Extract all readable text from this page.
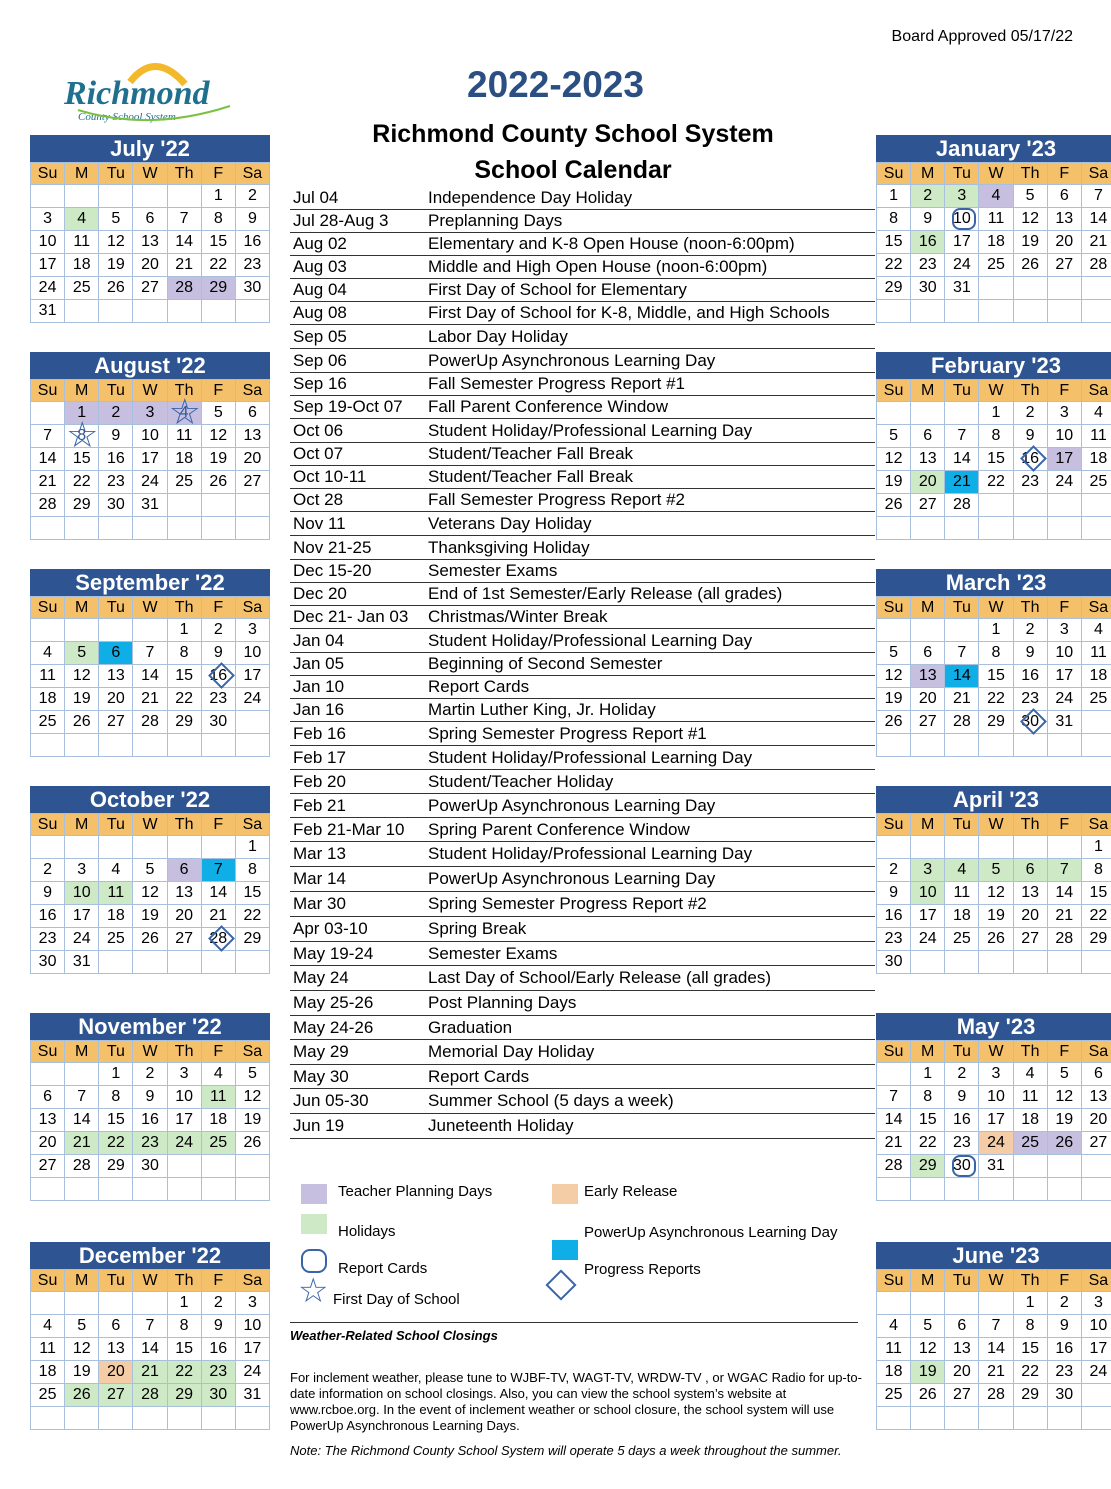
Board Approved 05/17/22
Richmond
County School System
2022-2023
Richmond County School System
School Calendar
July '22
Su	M	Tu	W	Th	F	Sa
					1	2
3	4	5	6	7	8	9
10	11	12	13	14	15	16
17	18	19	20	21	22	23
24	25	26	27	28	29	30
31						
August '22
Su	M	Tu	W	Th	F	Sa
	1	2	3	4 ☆	5	6
7	8 ☆	9	10	11	12	13
14	15	16	17	18	19	20
21	22	23	24	25	26	27
28	29	30	31			

September '22
Su	M	Tu	W	Th	F	Sa
				1	2	3
4	5	6	7	8	9	10
11	12	13	14	15	16	17
18	19	20	21	22	23	24
25	26	27	28	29	30	

October '22
Su	M	Tu	W	Th	F	Sa
						1
2	3	4	5	6	7	8
9	10	11	12	13	14	15
16	17	18	19	20	21	22
23	24	25	26	27	28	29
30	31					
November '22
Su	M	Tu	W	Th	F	Sa
		1	2	3	4	5
6	7	8	9	10	11	12
13	14	15	16	17	18	19
20	21	22	23	24	25	26
27	28	29	30			

December '22
Su	M	Tu	W	Th	F	Sa
				1	2	3
4	5	6	7	8	9	10
11	12	13	14	15	16	17
18	19	20	21	22	23	24
25	26	27	28	29	30	31

January '23
Su	M	Tu	W	Th	F	Sa
1	2	3	4	5	6	7
8	9	10	11	12	13	14
15	16	17	18	19	20	21
22	23	24	25	26	27	28
29	30	31				

February '23
Su	M	Tu	W	Th	F	Sa
			1	2	3	4
5	6	7	8	9	10	11
12	13	14	15	16	17	18
19	20	21	22	23	24	25
26	27	28				

March '23
Su	M	Tu	W	Th	F	Sa
			1	2	3	4
5	6	7	8	9	10	11
12	13	14	15	16	17	18
19	20	21	22	23	24	25
26	27	28	29	30	31	

April '23
Su	M	Tu	W	Th	F	Sa
						1
2	3	4	5	6	7	8
9	10	11	12	13	14	15
16	17	18	19	20	21	22
23	24	25	26	27	28	29
30						
May '23
Su	M	Tu	W	Th	F	Sa
	1	2	3	4	5	6
7	8	9	10	11	12	13
14	15	16	17	18	19	20
21	22	23	24	25	26	27
28	29	30	31			

June '23
Su	M	Tu	W	Th	F	Sa
				1	2	3
4	5	6	7	8	9	10
11	12	13	14	15	16	17
18	19	20	21	22	23	24
25	26	27	28	29	30	

Jul 04	Independence Day Holiday
Jul 28-Aug 3	Preplanning Days
Aug 02	Elementary and K-8 Open House (noon-6:00pm)
Aug 03	Middle and High Open House (noon-6:00pm)
Aug 04	First Day of School for Elementary
Aug 08	First Day of School for K-8, Middle, and High Schools
Sep 05	Labor Day Holiday
Sep 06	PowerUp Asynchronous Learning Day
Sep 16	Fall Semester Progress Report #1
Sep 19-Oct 07	Fall Parent Conference Window
Oct 06	Student Holiday/Professional Learning Day
Oct 07	Student/Teacher Fall Break
Oct 10-11	Student/Teacher Fall Break
Oct 28	Fall Semester Progress Report #2
Nov 11	Veterans Day Holiday
Nov 21-25	Thanksgiving Holiday
Dec 15-20	Semester Exams
Dec 20	End of 1st Semester/Early Release (all grades)
Dec 21- Jan 03	Christmas/Winter Break
Jan 04	Student Holiday/Professional Learning Day
Jan 05	Beginning of Second Semester
Jan 10	Report Cards
Jan 16	Martin Luther King, Jr. Holiday
Feb 16	Spring Semester Progress Report #1
Feb 17	Student Holiday/Professional Learning Day
Feb 20	Student/Teacher Holiday
Feb 21	PowerUp Asynchronous Learning Day
Feb 21-Mar 10	Spring Parent Conference Window
Mar 13	Student Holiday/Professional Learning Day
Mar 14	PowerUp Asynchronous Learning Day
Mar 30	Spring Semester Progress Report #2
Apr 03-10	Spring Break
May 19-24	Semester Exams
May 24	Last Day of School/Early Release (all grades)
May 25-26	Post Planning Days
May 24-26	Graduation
May 29	Memorial Day Holiday
May 30	Report Cards
Jun 05-30	Summer School (5 days a week)
Jun 19	Juneteenth Holiday
Teacher Planning Days
Holidays
Report Cards
☆ First Day of School
Early Release
PowerUp Asynchronous Learning Day
Progress Reports
Weather-Related School Closings
For inclement weather, please tune to WJBF-TV, WAGT-TV, WRDW-TV , or WGAC Radio for up-to-date information on school closings. Also, you can view the school system’s website at www.rcboe.org. In the event of inclement weather or school closure, the school system will use PowerUp Asynchronous Learning Days.
Note: The Richmond County School System will operate 5 days a week throughout the summer.
